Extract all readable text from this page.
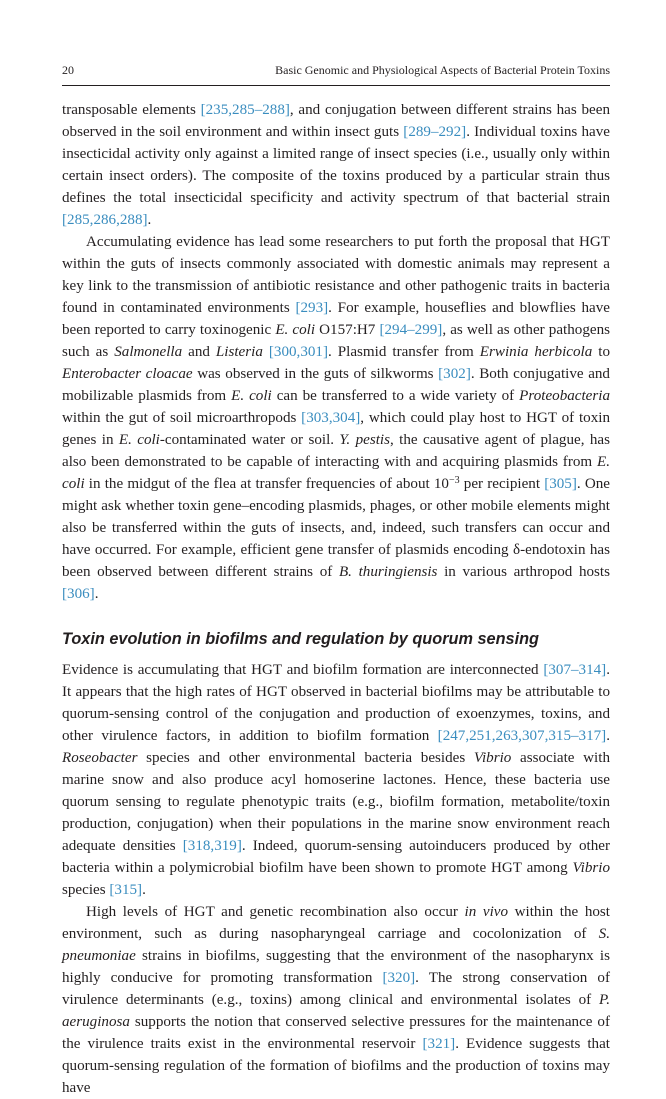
20	Basic Genomic and Physiological Aspects of Bacterial Protein Toxins

transposable elements [235,285–288], and conjugation between different strains has been observed in the soil environment and within insect guts [289–292]. Individual toxins have insecticidal activity only against a limited range of insect species (i.e., usually only within certain insect orders). The composite of the toxins produced by a particular strain thus defines the total insecticidal specificity and activity spectrum of that bacterial strain [285,286,288].

Accumulating evidence has lead some researchers to put forth the proposal that HGT within the guts of insects commonly associated with domestic animals may represent a key link to the transmission of antibiotic resistance and other pathogenic traits in bacteria found in contaminated environments [293]. For example, houseflies and blowflies have been reported to carry toxinogenic E. coli O157:H7 [294–299], as well as other pathogens such as Salmonella and Listeria [300,301]. Plasmid transfer from Erwinia herbicola to Enterobacter cloacae was observed in the guts of silkworms [302]. Both conjugative and mobilizable plasmids from E. coli can be transferred to a wide variety of Proteobacteria within the gut of soil microarthropods [303,304], which could play host to HGT of toxin genes in E. coli-contaminated water or soil. Y. pestis, the causative agent of plague, has also been demonstrated to be capable of interacting with and acquiring plasmids from E. coli in the midgut of the flea at transfer frequencies of about $10^{-3}$ per recipient [305]. One might ask whether toxin gene–encoding plasmids, phages, or other mobile elements might also be transferred within the guts of insects, and, indeed, such transfers can occur and have occurred. For example, efficient gene transfer of plasmids encoding δ-endotoxin has been observed between different strains of B. thuringiensis in various arthropod hosts [306].

Toxin evolution in biofilms and regulation by quorum sensing

Evidence is accumulating that HGT and biofilm formation are interconnected [307–314]. It appears that the high rates of HGT observed in bacterial biofilms may be attributable to quorum-sensing control of the conjugation and production of exoenzymes, toxins, and other virulence factors, in addition to biofilm formation [247,251,263,307,315–317]. Roseobacter species and other environmental bacteria besides Vibrio associate with marine snow and also produce acyl homoserine lactones. Hence, these bacteria use quorum sensing to regulate phenotypic traits (e.g., biofilm formation, metabolite/toxin production, conjugation) when their populations in the marine snow environment reach adequate densities [318,319]. Indeed, quorum-sensing autoinducers produced by other bacteria within a polymicrobial biofilm have been shown to promote HGT among Vibrio species [315].

High levels of HGT and genetic recombination also occur in vivo within the host environment, such as during nasopharyngeal carriage and cocolonization of S. pneumoniae strains in biofilms, suggesting that the environment of the nasopharynx is highly conducive for promoting transformation [320]. The strong conservation of virulence determinants (e.g., toxins) among clinical and environmental isolates of P. aeruginosa supports the notion that conserved selective pressures for the maintenance of the virulence traits exist in the environmental reservoir [321]. Evidence suggests that quorum-sensing regulation of the formation of biofilms and the production of toxins may have
